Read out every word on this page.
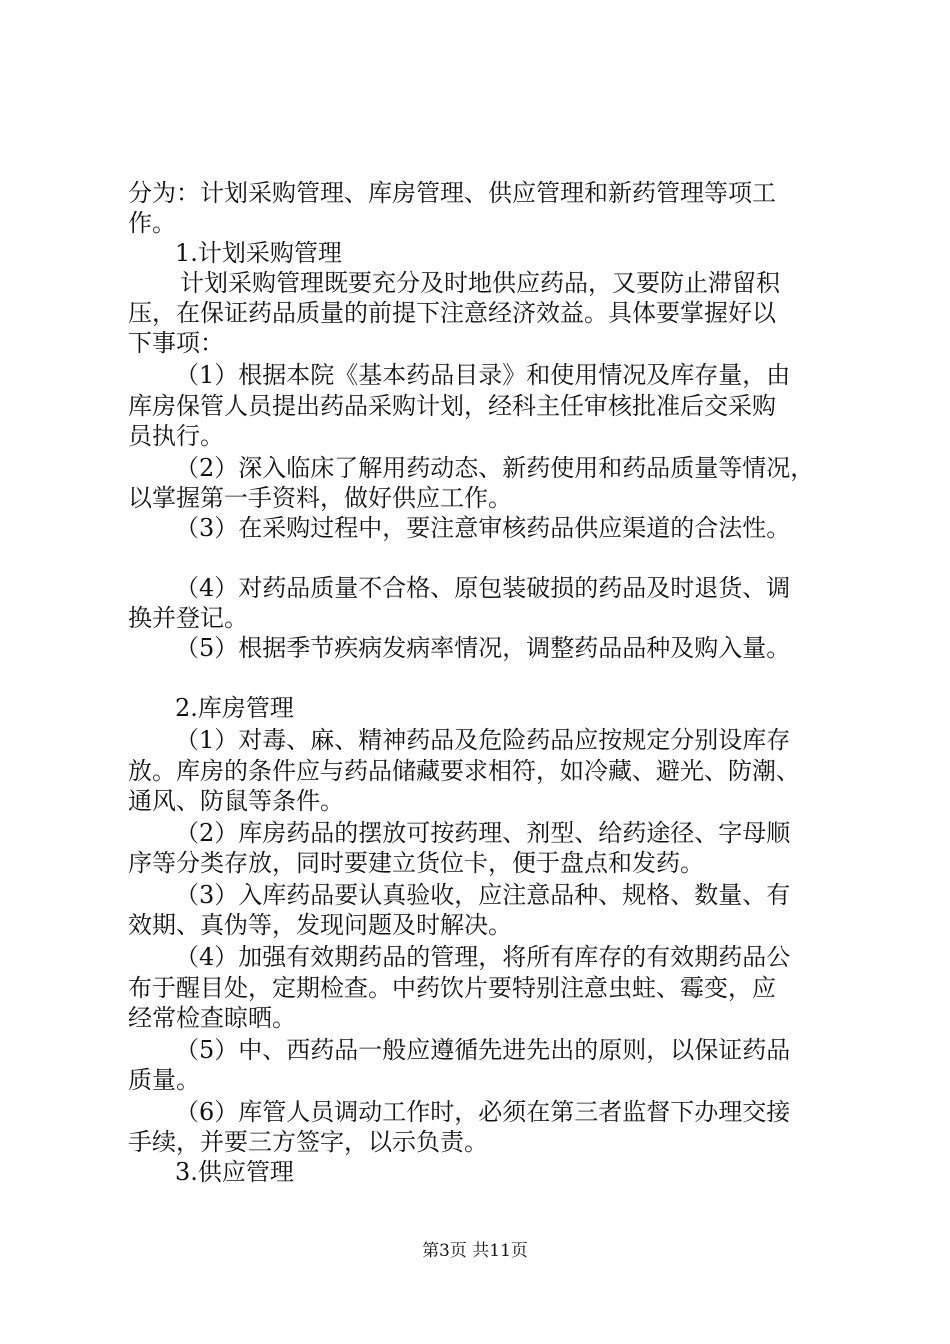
分为：计划采购管理、库房管理、供应管理和新药管理等项工
作。
1.计划采购管理
计划采购管理既要充分及时地供应药品，又要防止滞留积
压，在保证药品质量的前提下注意经济效益。具体要掌握好以
下事项：
（1）根据本院《基本药品目录》和使用情况及库存量，由
库房保管人员提出药品采购计划，经科主任审核批准后交采购
员执行。
（2）深入临床了解用药动态、新药使用和药品质量等情况，
以掌握第一手资料，做好供应工作。
（3）在采购过程中，要注意审核药品供应渠道的合法性。
（4）对药品质量不合格、原包装破损的药品及时退货、调
换并登记。
（5）根据季节疾病发病率情况，调整药品品种及购入量。
2.库房管理
（1）对毒、麻、精神药品及危险药品应按规定分别设库存
放。库房的条件应与药品储藏要求相符，如冷藏、避光、防潮、
通风、防鼠等条件。
（2）库房药品的摆放可按药理、剂型、给药途径、字母顺
序等分类存放，同时要建立货位卡，便于盘点和发药。
（3）入库药品要认真验收，应注意品种、规格、数量、有
效期、真伪等，发现问题及时解决。
（4）加强有效期药品的管理，将所有库存的有效期药品公
布于醒目处，定期检查。中药饮片要特别注意虫蛀、霉变，应
经常检查晾晒。
（5）中、西药品一般应遵循先进先出的原则，以保证药品
质量。
（6）库管人员调动工作时，必须在第三者监督下办理交接
手续，并要三方签字，以示负责。
3.供应管理
第3页 共11页
